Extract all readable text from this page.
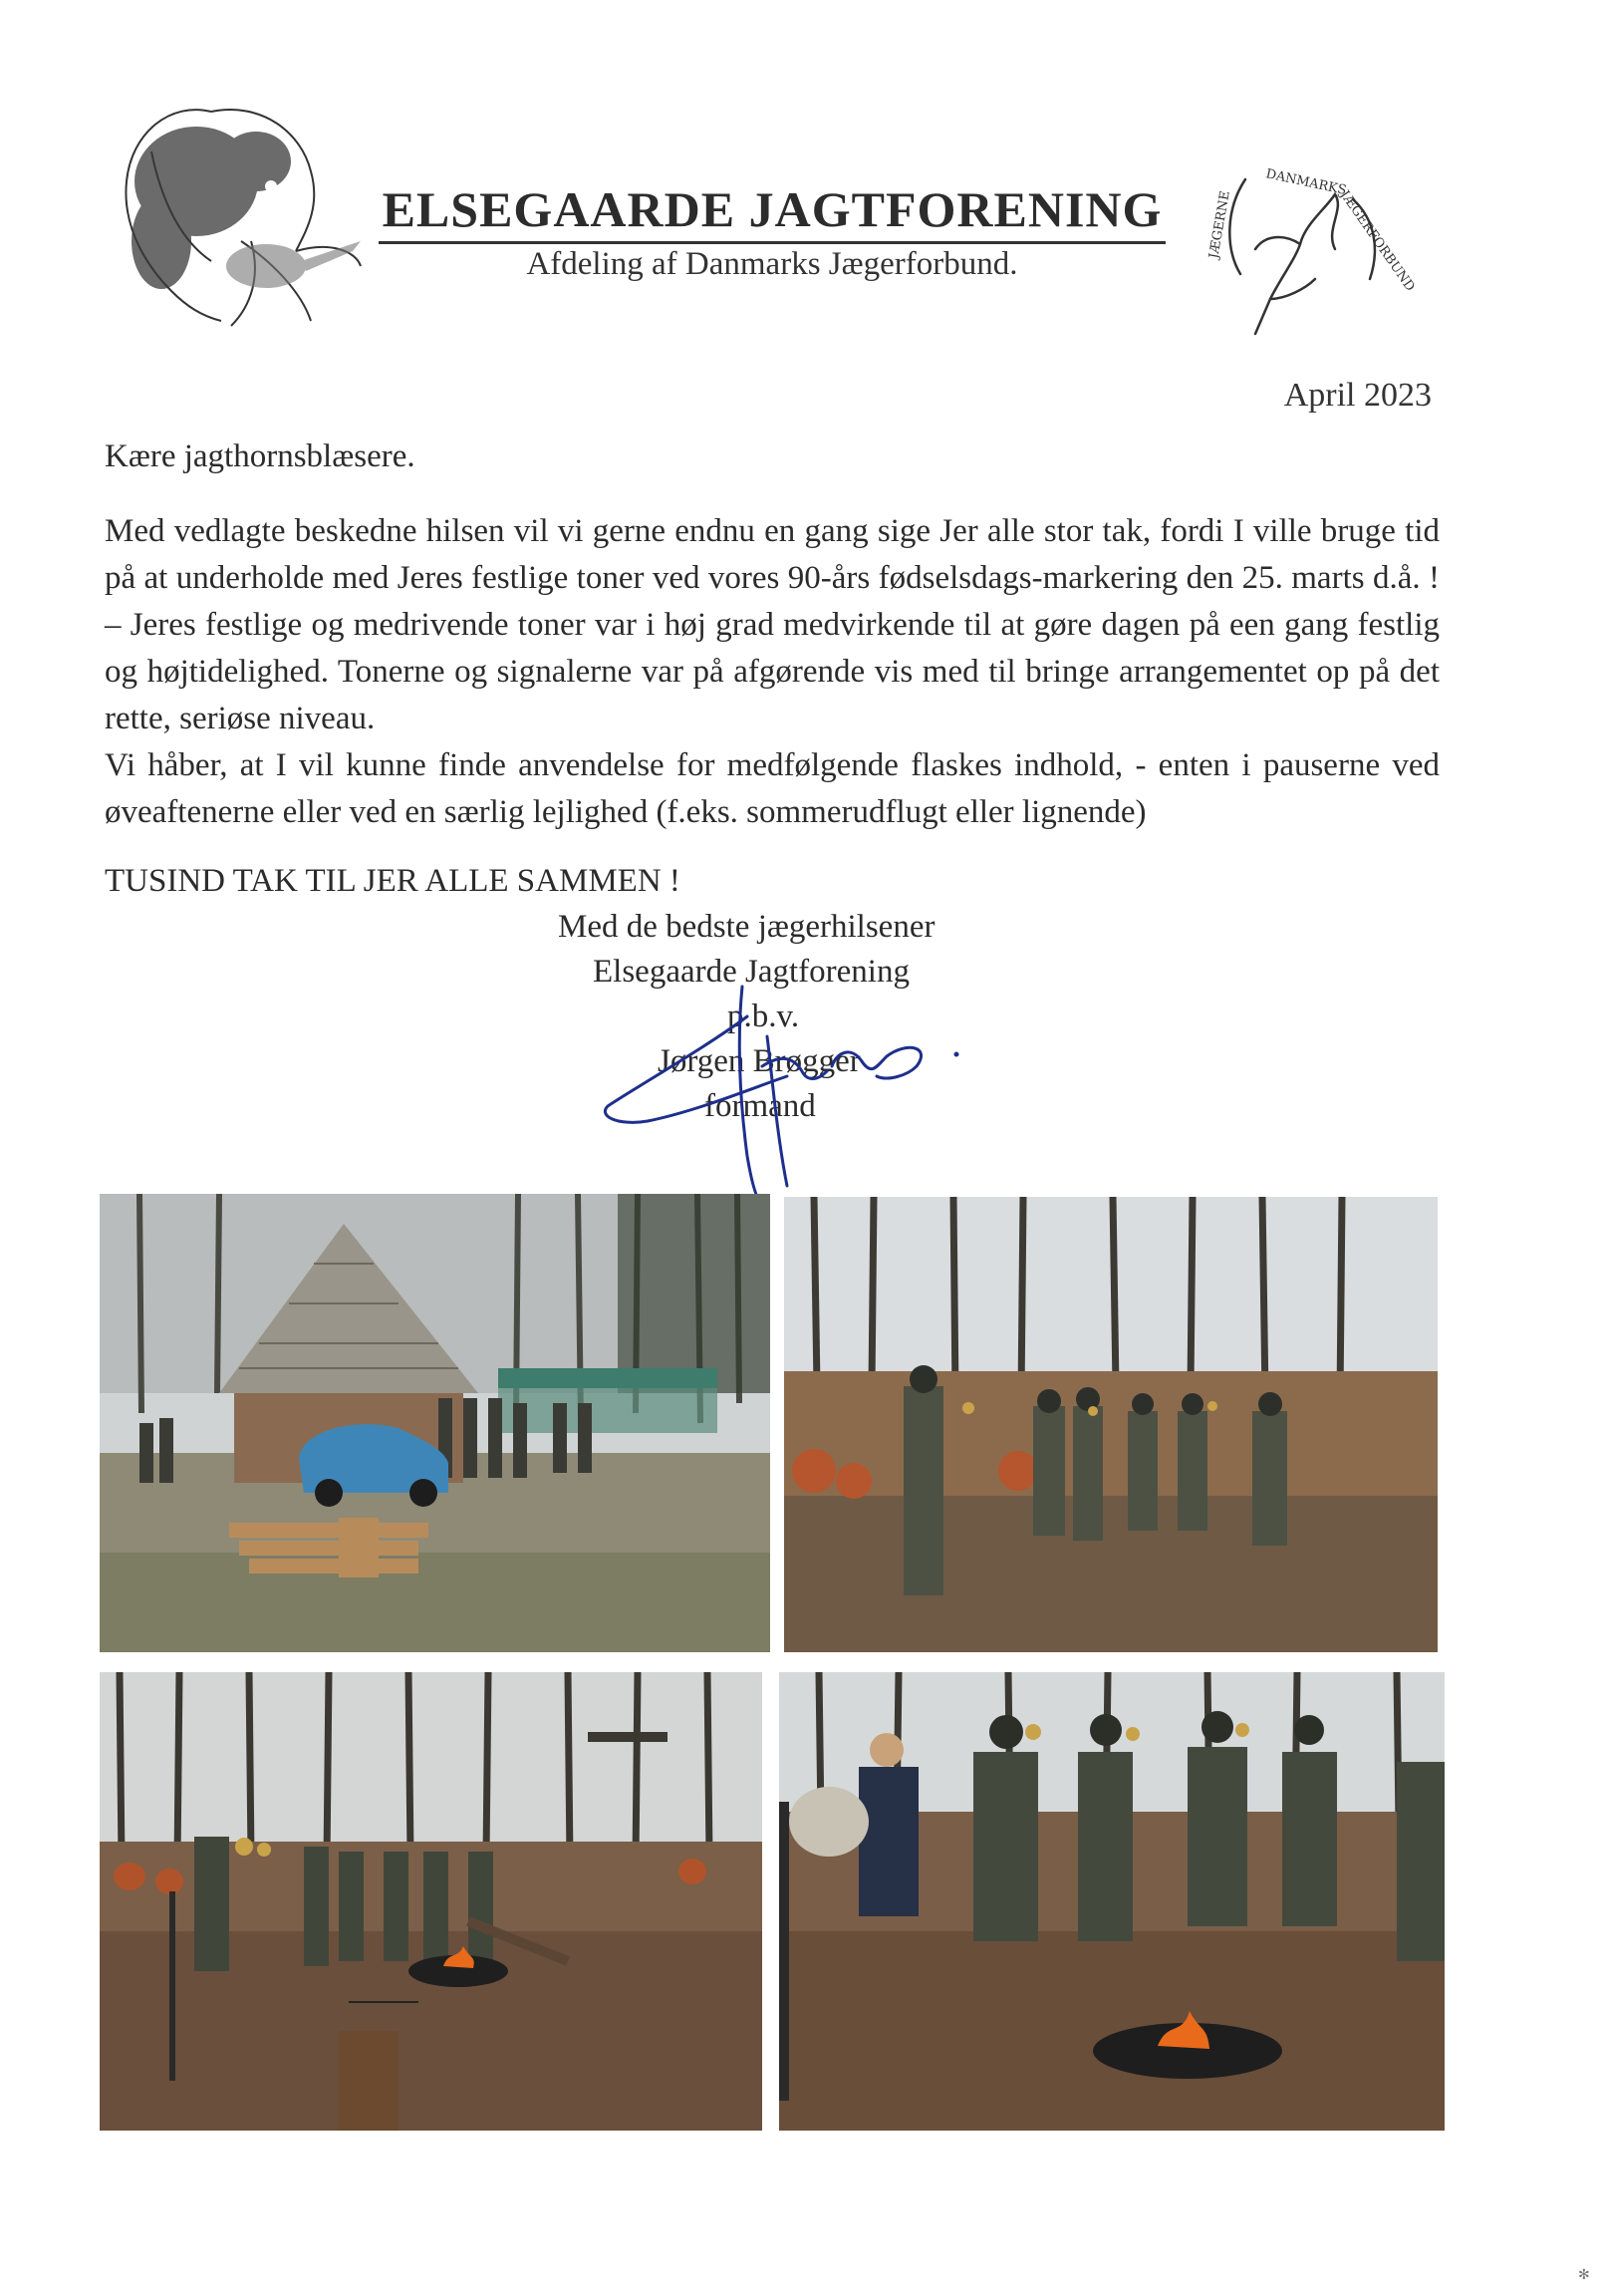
ELSEGAARDE JAGTFORENING
Afdeling af Danmarks Jægerforbund.
DANMARKS
JÆGERFORBUND
JÆGERNE
April 2023

Kære jagthornsblæsere.

Med vedlagte beskedne hilsen vil vi gerne endnu en gang sige Jer alle stor tak, fordi I ville bruge tid på at underholde med Jeres festlige toner ved vores 90-års fødselsdags-markering den 25. marts d.å. ! – Jeres festlige og medrivende toner var i høj grad medvirkende til at gøre dagen på een gang festlig og højtidelighed. Tonerne og signalerne var på afgørende vis med til bringe arrangementet op på det rette, seriøse niveau.

Vi håber, at I vil kunne finde anvendelse for medfølgende flaskes indhold, - enten i pauserne ved øveaftenerne eller ved en særlig lejlighed (f.eks. sommerudflugt eller lignende)

TUSIND TAK TIL JER ALLE SAMMEN !

Med de bedste jægerhilsener
Elsegaarde Jagtforening
p.b.v.
Jørgen Brøgger
formand
✻
